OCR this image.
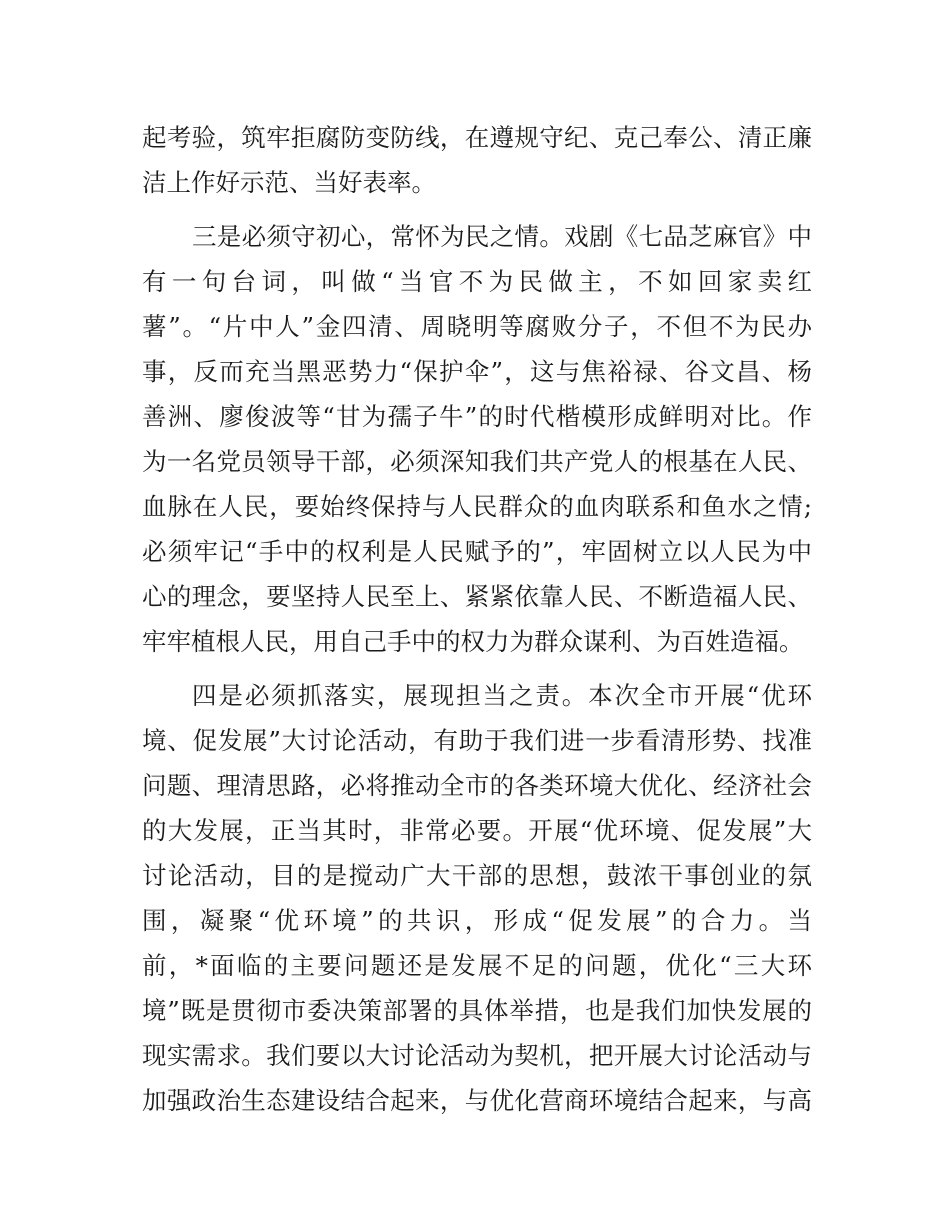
起考验，筑牢拒腐防变防线，在遵规守纪、克己奉公、清正廉
洁上作好示范、当好表率。
三是必须守初心，常怀为民之情。戏剧《七品芝麻官》中
有一句台词，叫做“当官不为民做主，不如回家卖红
薯”。“片中人”金四清、周晓明等腐败分子，不但不为民办
事，反而充当黑恶势力“保护伞”，这与焦裕禄、谷文昌、杨
善洲、廖俊波等“甘为孺子牛”的时代楷模形成鲜明对比。作
为一名党员领导干部，必须深知我们共产党人的根基在人民、
血脉在人民，要始终保持与人民群众的血肉联系和鱼水之情;
必须牢记“手中的权利是人民赋予的”，牢固树立以人民为中
心的理念，要坚持人民至上、紧紧依靠人民、不断造福人民、
牢牢植根人民，用自己手中的权力为群众谋利、为百姓造福。
四是必须抓落实，展现担当之责。本次全市开展“优环
境、促发展”大讨论活动，有助于我们进一步看清形势、找准
问题、理清思路，必将推动全市的各类环境大优化、经济社会
的大发展，正当其时，非常必要。开展“优环境、促发展”大
讨论活动，目的是搅动广大干部的思想，鼓浓干事创业的氛
围，凝聚“优环境”的共识，形成“促发展”的合力。当
前，*面临的主要问题还是发展不足的问题，优化“三大环
境”既是贯彻市委决策部署的具体举措，也是我们加快发展的
现实需求。我们要以大讨论活动为契机，把开展大讨论活动与
加强政治生态建设结合起来，与优化营商环境结合起来，与高
